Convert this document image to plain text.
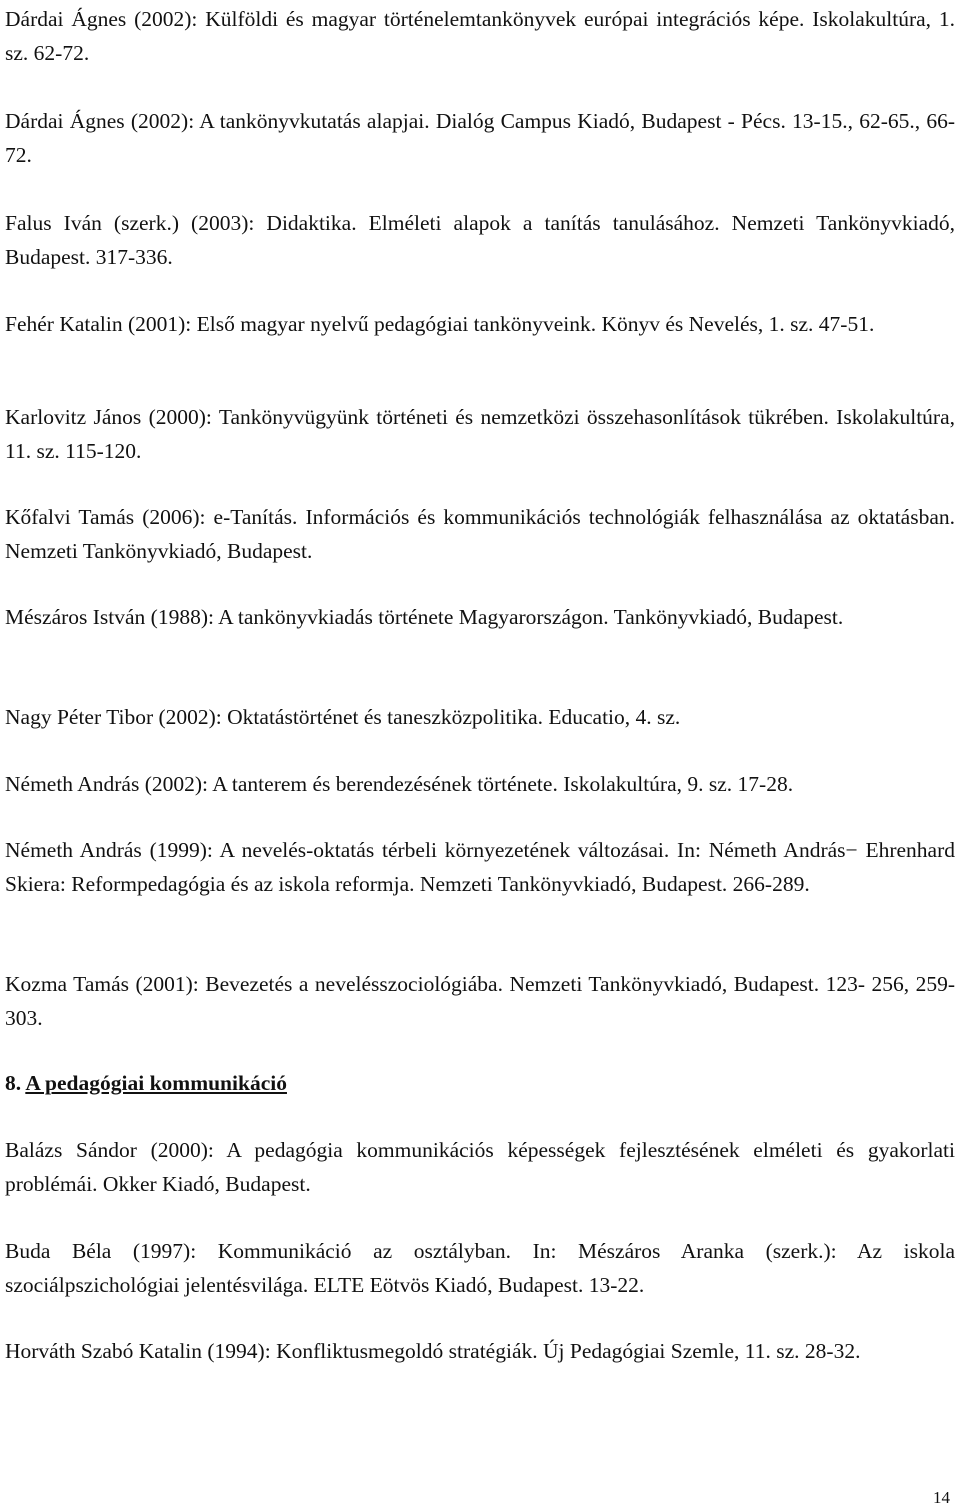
Dárdai Ágnes (2002): Külföldi és magyar történelemtankönyvek európai integrációs képe. Iskolakultúra, 1. sz. 62-72.

Dárdai Ágnes (2002): A tankönyvkutatás alapjai. Dialóg Campus Kiadó, Budapest - Pécs. 13-15., 62-65., 66-72.

Falus Iván (szerk.) (2003): Didaktika. Elméleti alapok a tanítás tanulásához. Nemzeti Tankönyvkiadó, Budapest. 317-336.

Fehér Katalin (2001): Első magyar nyelvű pedagógiai tankönyveink. Könyv és Nevelés, 1. sz. 47-51.

Karlovitz János (2000): Tankönyvügyünk történeti és nemzetközi összehasonlítások tükrében. Iskolakultúra, 11. sz. 115-120.

Kőfalvi Tamás (2006): e-Tanítás. Információs és kommunikációs technológiák felhasználása az oktatásban. Nemzeti Tankönyvkiadó, Budapest.

Mészáros István (1988): A tankönyvkiadás története Magyarországon. Tankönyvkiadó, Budapest.

Nagy Péter Tibor (2002): Oktatástörténet és taneszközpolitika. Educatio, 4. sz.

Németh András (2002): A tanterem és berendezésének története. Iskolakultúra, 9. sz. 17-28.

Németh András (1999): A nevelés-oktatás térbeli környezetének változásai. In: Németh András− Ehrenhard Skiera: Reformpedagógia és az iskola reformja. Nemzeti Tankönyvkiadó, Budapest. 266-289.

Kozma Tamás (2001): Bevezetés a nevelésszociológiába. Nemzeti Tankönyvkiadó, Budapest. 123- 256, 259-303.

8. A pedagógiai kommunikáció

Balázs Sándor (2000): A pedagógia kommunikációs képességek fejlesztésének elméleti és gyakorlati problémái. Okker Kiadó, Budapest.

Buda Béla (1997): Kommunikáció az osztályban. In: Mészáros Aranka (szerk.): Az iskola szociálpszichológiai jelentésvilága. ELTE Eötvös Kiadó, Budapest. 13-22.

Horváth Szabó Katalin (1994): Konfliktusmegoldó stratégiák. Új Pedagógiai Szemle, 11. sz. 28-32.

14
